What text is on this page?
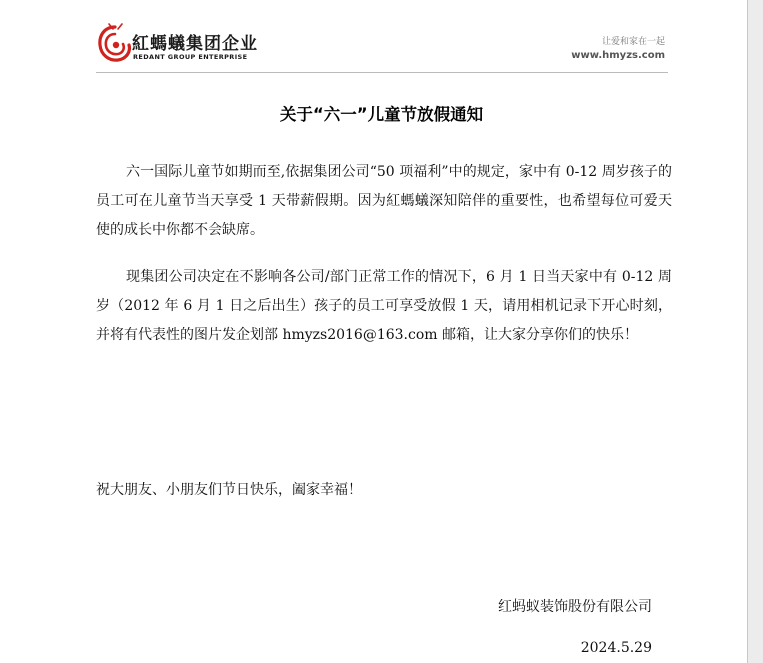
紅螞蟻集团企业
REDANT GROUP ENTERPRISE
让爱和家在一起
www.hmyzs.com
关于“六一”儿童节放假通知

六一国际儿童节如期而至,依据集团公司“50 项福利”中的规定，家中有 0-12 周岁孩子的员工可在儿童节当天享受 1 天带薪假期。因为紅螞蟻深知陪伴的重要性，也希望每位可爱天使的成长中你都不会缺席。

现集团公司决定在不影响各公司/部门正常工作的情况下，6 月 1 日当天家中有 0-12 周岁（2012 年 6 月 1 日之后出生）孩子的员工可享受放假 1 天，请用相机记录下开心时刻，并将有代表性的图片发企划部 hmyzs2016@163.com 邮箱，让大家分享你们的快乐！

祝大朋友、小朋友们节日快乐，阖家幸福！
红蚂蚁装饰股份有限公司
2024.5.29
